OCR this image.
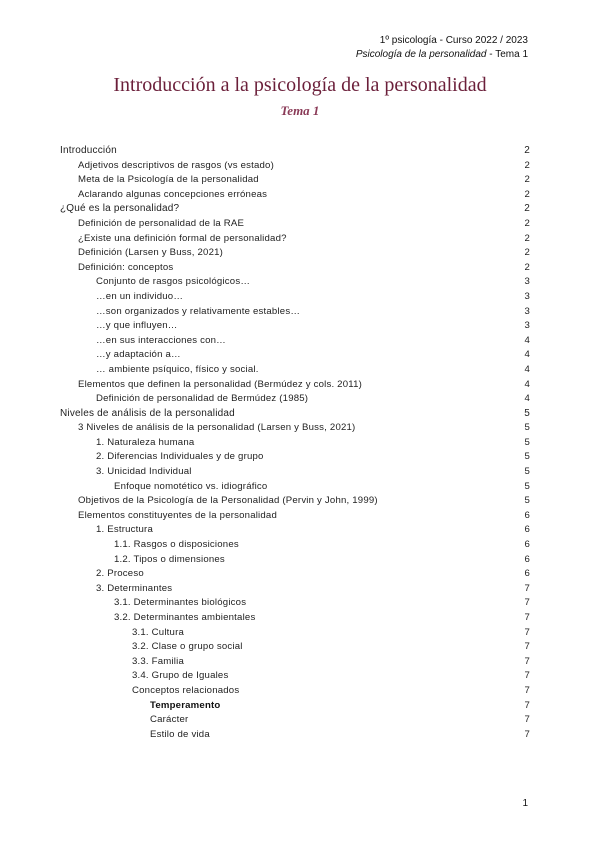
1º psicología - Curso 2022 / 2023
Psicología de la personalidad - Tema 1
Introducción a la psicología de la personalidad
Tema 1
Introducción	2
Adjetivos descriptivos de rasgos (vs estado)	2
Meta de la Psicología de la personalidad	2
Aclarando algunas concepciones erróneas	2
¿Qué es la personalidad?	2
Definición de personalidad de la RAE	2
¿Existe una definición formal de personalidad?	2
Definición (Larsen y Buss, 2021)	2
Definición: conceptos	2
Conjunto de rasgos psicológicos…	3
…en un individuo…	3
…son organizados y relativamente estables…	3
…y que influyen…	3
…en sus interacciones con…	4
…y adaptación a…	4
… ambiente psíquico, físico y social.	4
Elementos que definen la personalidad (Bermúdez y cols. 2011)	4
Definición de personalidad de Bermúdez (1985)	4
Niveles de análisis de la personalidad	5
3 Niveles de análisis de la personalidad (Larsen y Buss, 2021)	5
1. Naturaleza humana	5
2. Diferencias Individuales y de grupo	5
3. Unicidad Individual	5
Enfoque nomotético vs. idiográfico	5
Objetivos de la Psicología de la Personalidad (Pervin y John, 1999)	5
Elementos constituyentes de la personalidad	6
1. Estructura	6
1.1. Rasgos o disposiciones	6
1.2. Tipos o dimensiones	6
2. Proceso	6
3. Determinantes	7
3.1. Determinantes biológicos	7
3.2. Determinantes ambientales	7
3.1. Cultura	7
3.2. Clase o grupo social	7
3.3. Familia	7
3.4. Grupo de Iguales	7
Conceptos relacionados	7
Temperamento	7
Carácter	7
Estilo de vida	7
1
